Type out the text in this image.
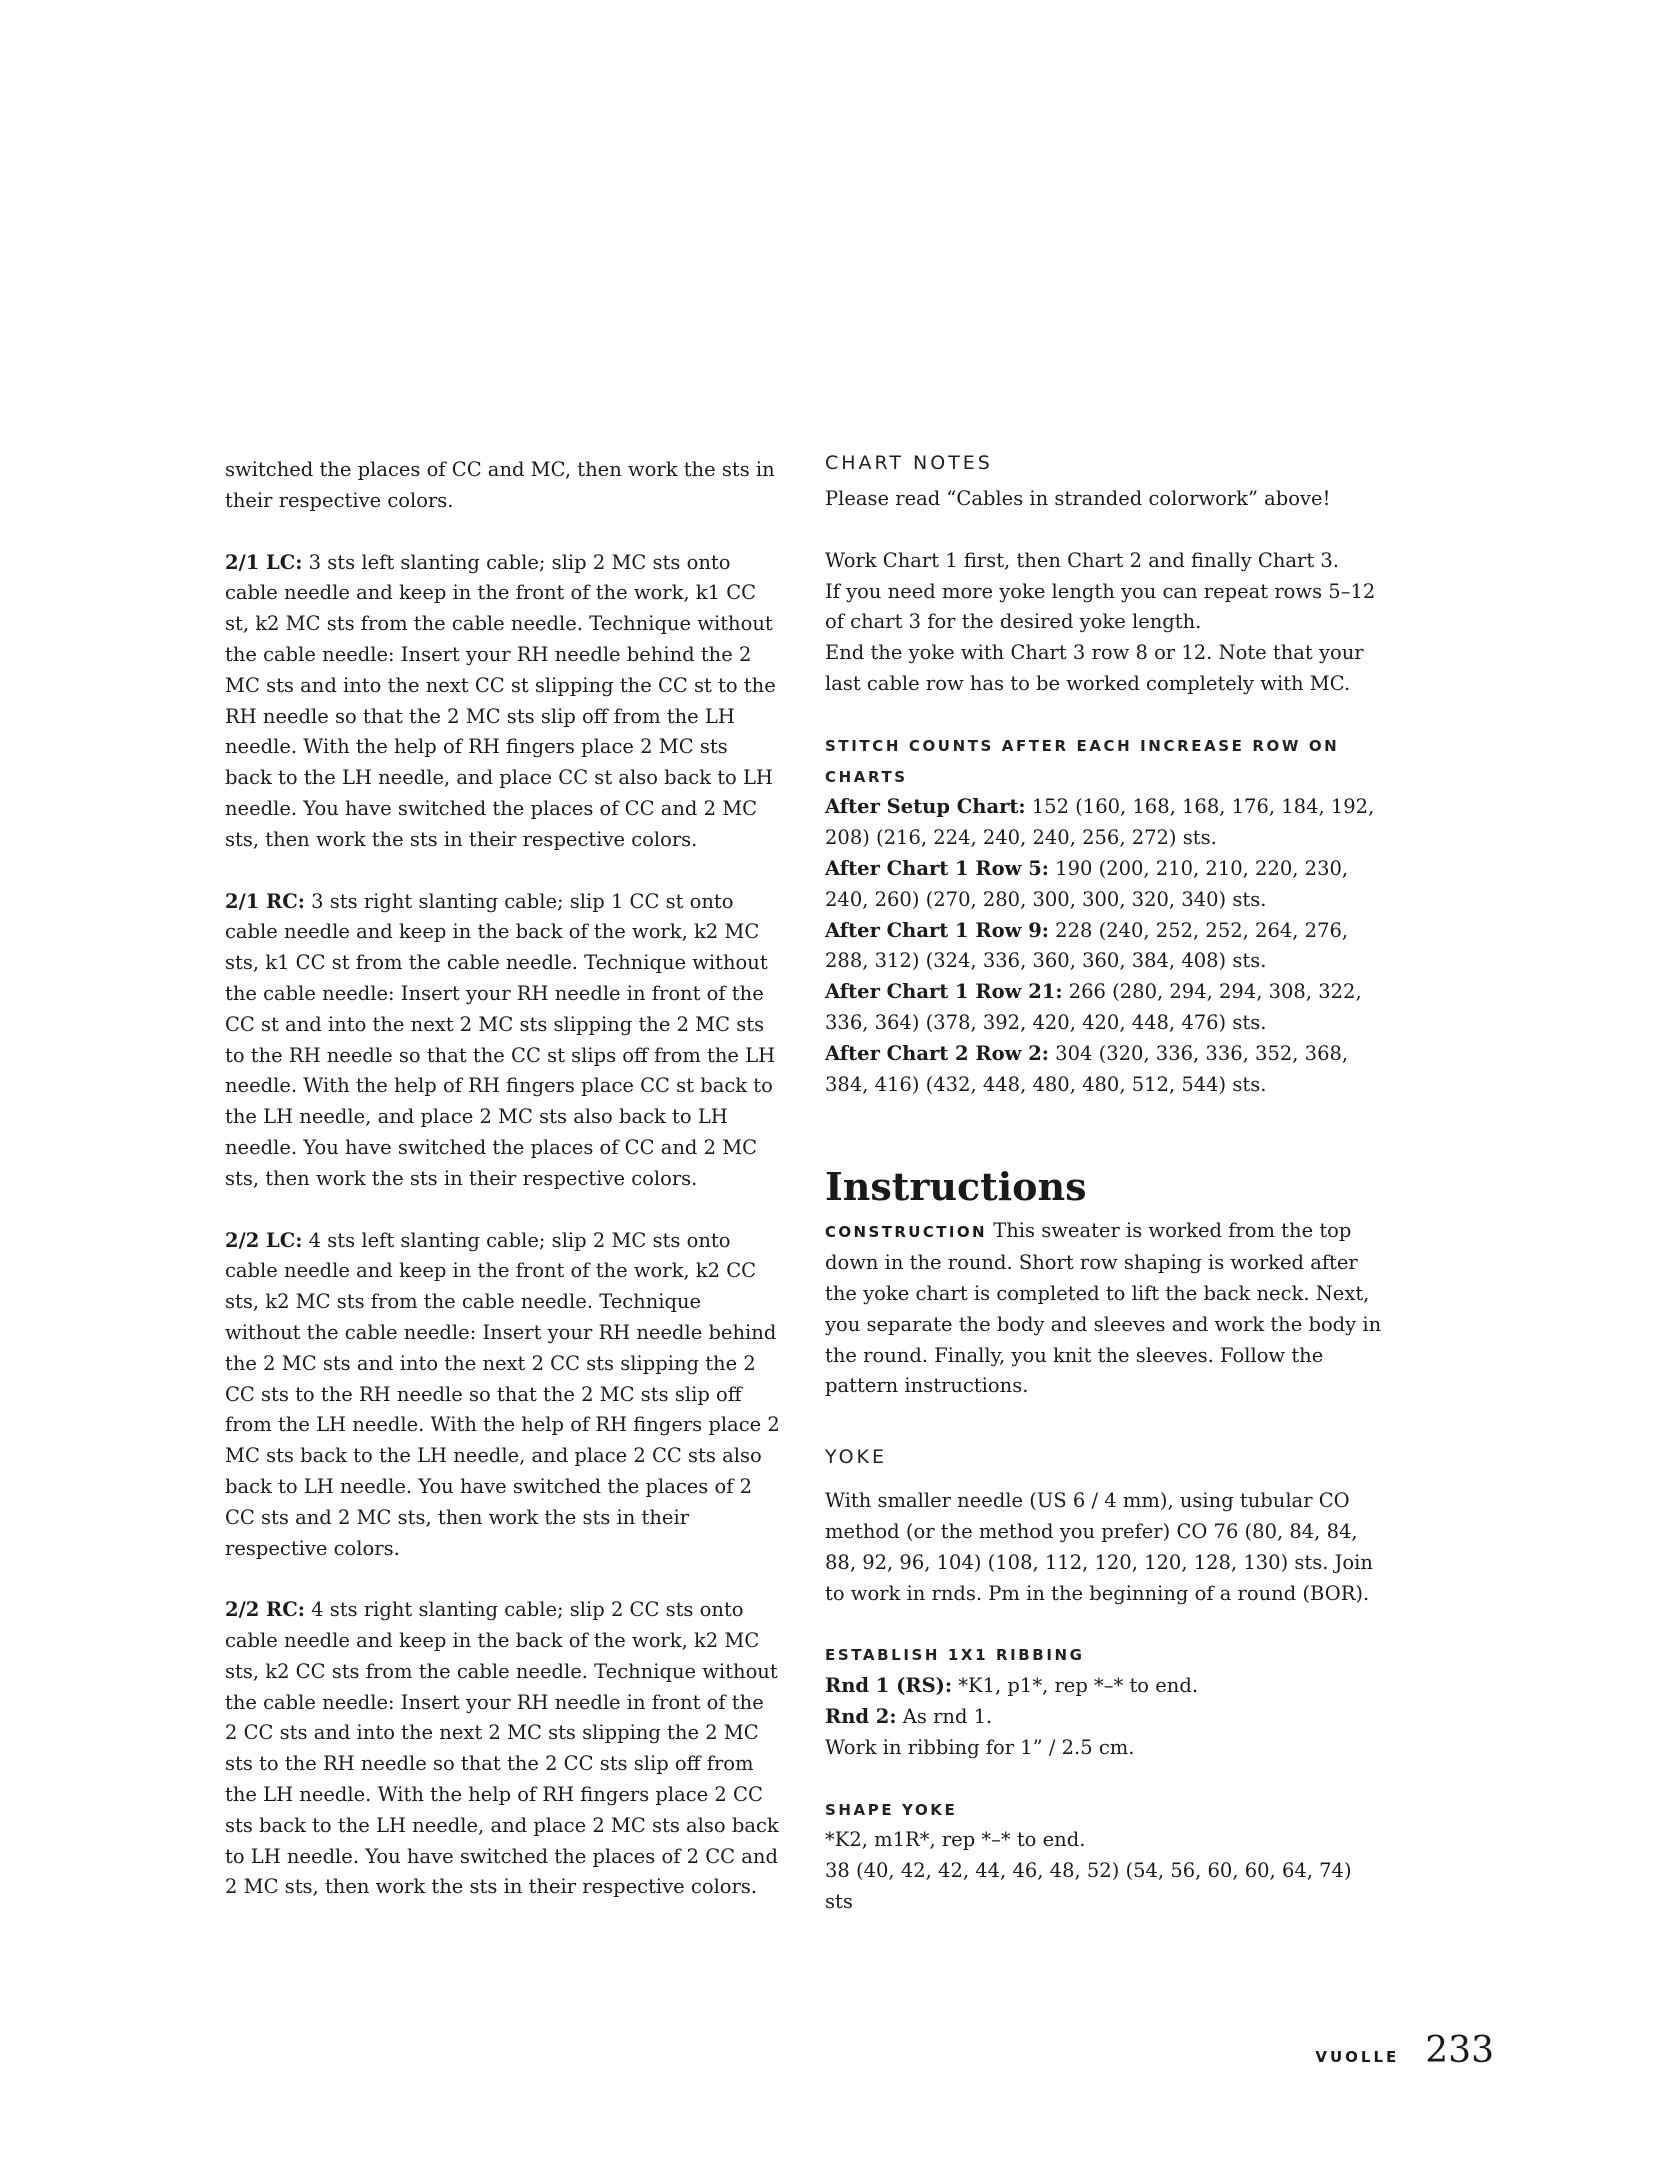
switched the places of CC and MC, then work the sts in their respective colors.

2/1 LC: 3 sts left slanting cable; slip 2 MC sts onto cable needle and keep in the front of the work, k1 CC st, k2 MC sts from the cable needle. Technique without the cable needle: Insert your RH needle behind the 2 MC sts and into the next CC st slipping the CC st to the RH needle so that the 2 MC sts slip off from the LH needle. With the help of RH fingers place 2 MC sts back to the LH needle, and place CC st also back to LH needle. You have switched the places of CC and 2 MC sts, then work the sts in their respective colors.

2/1 RC: 3 sts right slanting cable; slip 1 CC st onto cable needle and keep in the back of the work, k2 MC sts, k1 CC st from the cable needle. Technique without the cable needle: Insert your RH needle in front of the CC st and into the next 2 MC sts slipping the 2 MC sts to the RH needle so that the CC st slips off from the LH needle. With the help of RH fingers place CC st back to the LH needle, and place 2 MC sts also back to LH needle. You have switched the places of CC and 2 MC sts, then work the sts in their respective colors.

2/2 LC: 4 sts left slanting cable; slip 2 MC sts onto cable needle and keep in the front of the work, k2 CC sts, k2 MC sts from the cable needle. Technique without the cable needle: Insert your RH needle behind the 2 MC sts and into the next 2 CC sts slipping the 2 CC sts to the RH needle so that the 2 MC sts slip off from the LH needle. With the help of RH fingers place 2 MC sts back to the LH needle, and place 2 CC sts also back to LH needle. You have switched the places of 2 CC sts and 2 MC sts, then work the sts in their respective colors.

2/2 RC: 4 sts right slanting cable; slip 2 CC sts onto cable needle and keep in the back of the work, k2 MC sts, k2 CC sts from the cable needle. Technique without the cable needle: Insert your RH needle in front of the 2 CC sts and into the next 2 MC sts slipping the 2 MC sts to the RH needle so that the 2 CC sts slip off from the LH needle. With the help of RH fingers place 2 CC sts back to the LH needle, and place 2 MC sts also back to LH needle. You have switched the places of 2 CC and 2 MC sts, then work the sts in their respective colors.

CHART NOTES

Please read “Cables in stranded colorwork” above!

Work Chart 1 first, then Chart 2 and finally Chart 3.
If you need more yoke length you can repeat rows 5–12 of chart 3 for the desired yoke length.
End the yoke with Chart 3 row 8 or 12. Note that your last cable row has to be worked completely with MC.

STITCH COUNTS AFTER EACH INCREASE ROW ON CHARTS

After Setup Chart: 152 (160, 168, 168, 176, 184, 192, 208) (216, 224, 240, 240, 256, 272) sts.

After Chart 1 Row 5: 190 (200, 210, 210, 220, 230, 240, 260) (270, 280, 300, 300, 320, 340) sts.

After Chart 1 Row 9: 228 (240, 252, 252, 264, 276, 288, 312) (324, 336, 360, 360, 384, 408) sts.

After Chart 1 Row 21: 266 (280, 294, 294, 308, 322, 336, 364) (378, 392, 420, 420, 448, 476) sts.

After Chart 2 Row 2: 304 (320, 336, 336, 352, 368, 384, 416) (432, 448, 480, 480, 512, 544) sts.

Instructions

CONSTRUCTION This sweater is worked from the top down in the round. Short row shaping is worked after the yoke chart is completed to lift the back neck. Next, you separate the body and sleeves and work the body in the round. Finally, you knit the sleeves. Follow the pattern instructions.

YOKE

With smaller needle (US 6 / 4 mm), using tubular CO method (or the method you prefer) CO 76 (80, 84, 84, 88, 92, 96, 104) (108, 112, 120, 120, 128, 130) sts. Join to work in rnds. Pm in the beginning of a round (BOR).

ESTABLISH 1X1 RIBBING

Rnd 1 (RS): *K1, p1*, rep *–* to end.

Rnd 2: As rnd 1.

Work in ribbing for 1” / 2.5 cm.

SHAPE YOKE

*K2, m1R*, rep *–* to end.

38 (40, 42, 42, 44, 46, 48, 52) (54, 56, 60, 60, 64, 74) sts

VUOLLE 233
